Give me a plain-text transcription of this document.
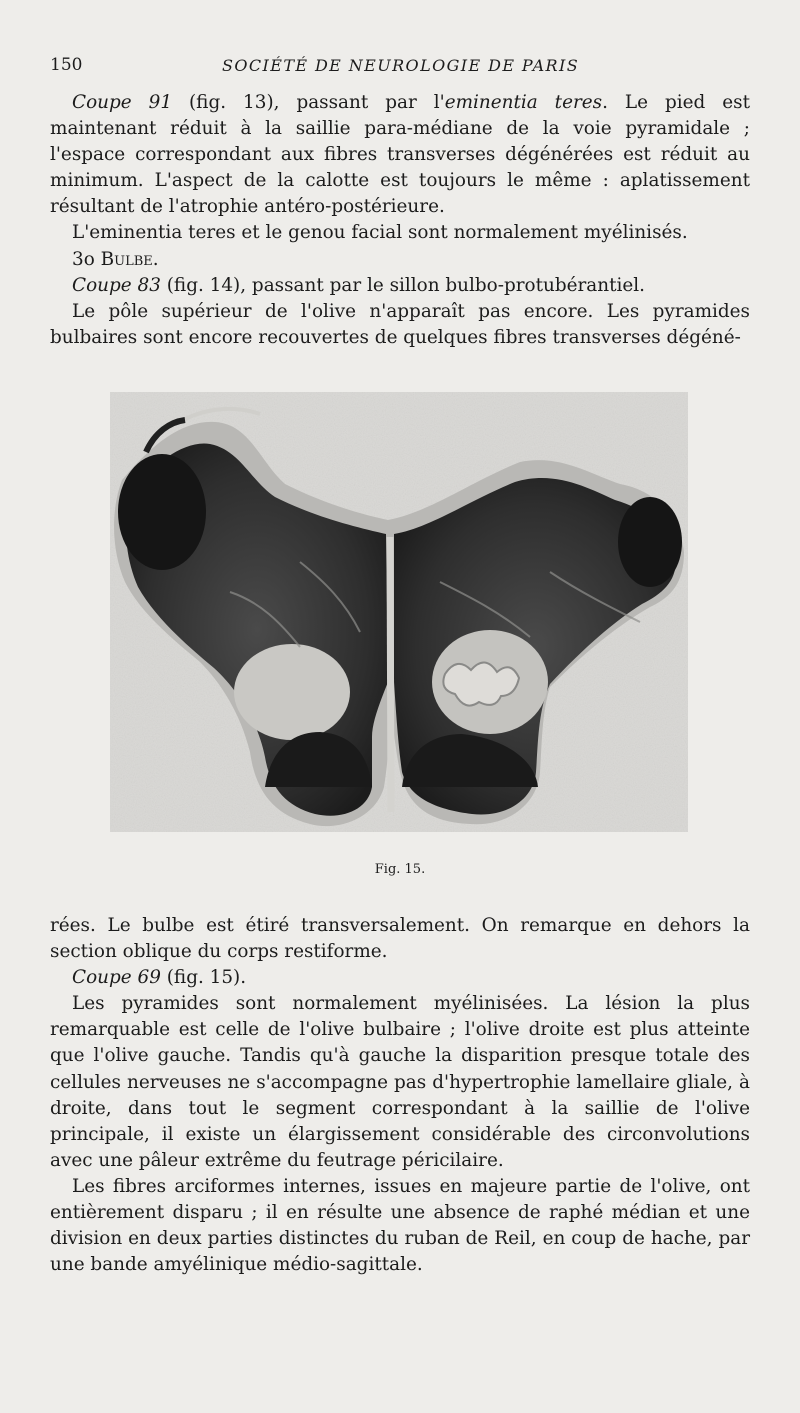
150	SOCIÉTÉ DE NEUROLOGIE DE PARIS

Coupe 91 (fig. 13), passant par l'eminentia teres. Le pied est maintenant réduit à la saillie para-médiane de la voie pyramidale ; l'espace correspondant aux fibres transverses dégénérées est réduit au minimum. L'aspect de la calotte est toujours le même : aplatissement résultant de l'atrophie antéro-postérieure.

L'eminentia teres et le genou facial sont normalement myélinisés.

3o Bulbe.

Coupe 83 (fig. 14), passant par le sillon bulbo-protubérantiel.

Le pôle supérieur de l'olive n'apparaît pas encore. Les pyramides bulbaires sont encore recouvertes de quelques fibres transverses dégéné-

Fig. 15.

rées. Le bulbe est étiré transversalement. On remarque en dehors la section oblique du corps restiforme.

Coupe 69 (fig. 15).

Les pyramides sont normalement myélinisées. La lésion la plus remarquable est celle de l'olive bulbaire ; l'olive droite est plus atteinte que l'olive gauche. Tandis qu'à gauche la disparition presque totale des cellules nerveuses ne s'accompagne pas d'hypertrophie lamellaire gliale, à droite, dans tout le segment correspondant à la saillie de l'olive principale, il existe un élargissement considérable des circonvolutions avec une pâleur extrême du feutrage péricilaire.

Les fibres arciformes internes, issues en majeure partie de l'olive, ont entièrement disparu ; il en résulte une absence de raphé médian et une division en deux parties distinctes du ruban de Reil, en coup de hache, par une bande amyélinique médio-sagittale.
